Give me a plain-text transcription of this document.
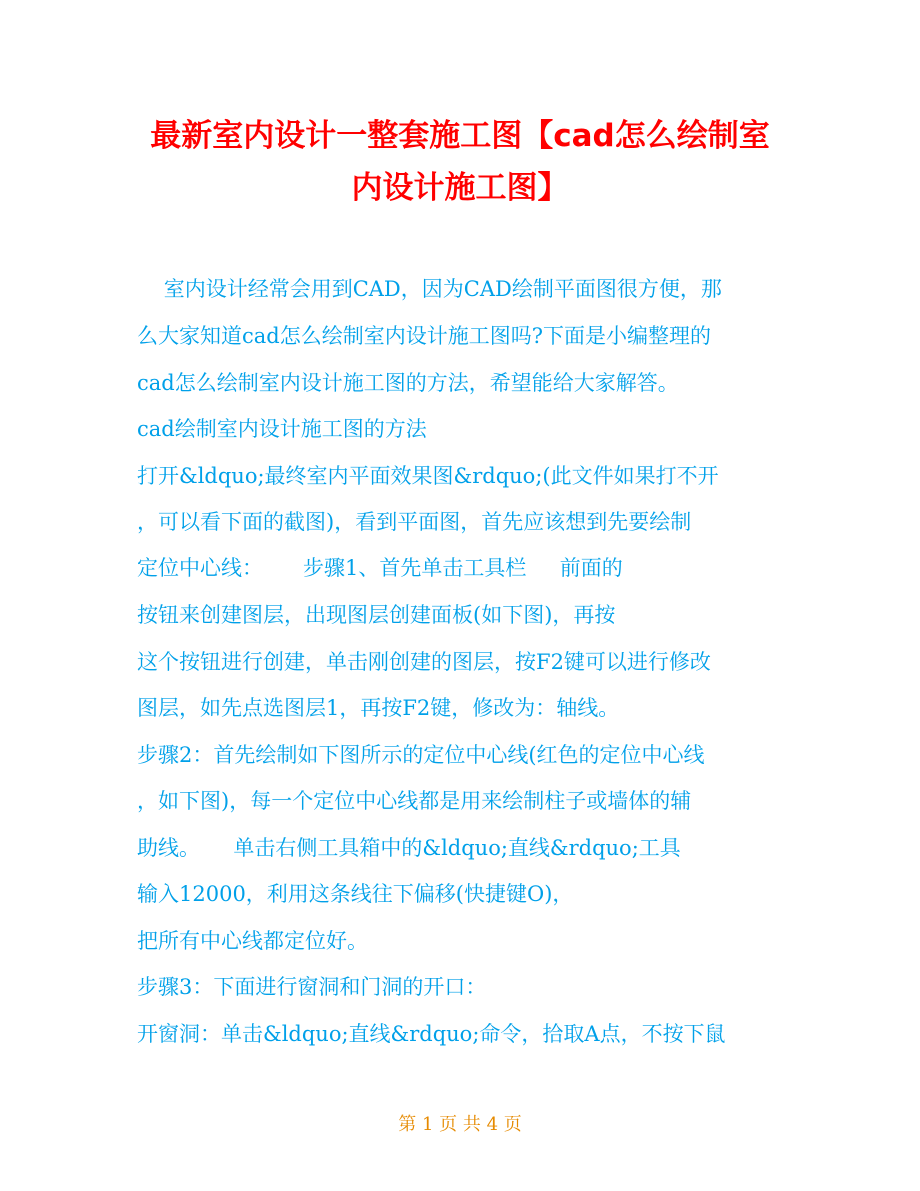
最新室内设计一整套施工图【cad怎么绘制室
内设计施工图】
室内设计经常会用到CAD，因为CAD绘制平面图很方便，那
么大家知道cad怎么绘制室内设计施工图吗?下面是小编整理的
cad怎么绘制室内设计施工图的方法，希望能给大家解答。
cad绘制室内设计施工图的方法
打开&ldquo;最终室内平面效果图&rdquo;(此文件如果打不开
，可以看下面的截图)，看到平面图，首先应该想到先要绘制
定位中心线：      步骤1、首先单击工具栏     前面的
按钮来创建图层，出现图层创建面板(如下图)，再按
这个按钮进行创建，单击刚创建的图层，按F2键可以进行修改
图层，如先点选图层1，再按F2键，修改为：轴线。
步骤2：首先绘制如下图所示的定位中心线(红色的定位中心线
，如下图)，每一个定位中心线都是用来绘制柱子或墙体的辅
助线。     单击右侧工具箱中的&ldquo;直线&rdquo;工具
输入12000，利用这条线往下偏移(快捷键O)，
把所有中心线都定位好。
步骤3：下面进行窗洞和门洞的开口：
开窗洞：单击&ldquo;直线&rdquo;命令，拾取A点，不按下鼠
第 1 页 共 4 页
